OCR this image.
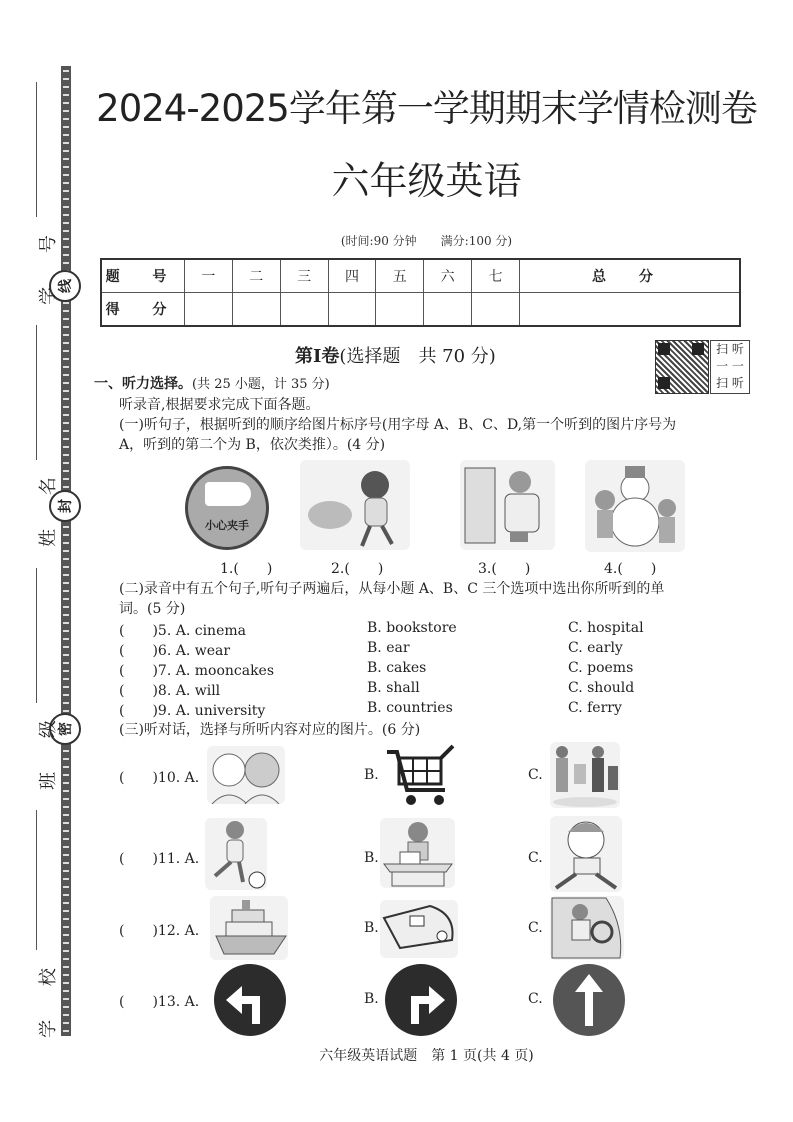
线
封
密
学 号
姓 名
班 级
学 校
2024-2025学年第一学期期末学情检测卷
六年级英语
(时间:90 分钟　　满分:100 分)
题 号	一	二	三	四	五	六	七	总 分
得 分								
第Ⅰ卷(选择题　共 70 分)	扫 听
一 一
扫 听
一、听力选择。(共 25 小题，计 35 分)
听录音,根据要求完成下面各题。
(一)听句子，根据听到的顺序给图片标序号(用字母 A、B、C、D,第一个听到的图片序号为
A，听到的第二个为 B，依次类推）。(4 分)
小心夹手
1.(　　)	2.(　　)	3.(　　)	4.(　　)
(二)录音中有五个句子,听句子两遍后，从每小题 A、B、C 三个选项中选出你所听到的单
词。(5 分)
(　　)5. A. cinema	B. bookstore	C. hospital
(　　)6. A. wear	B. ear	C. early
(　　)7. A. mooncakes	B. cakes	C. poems
(　　)8. A. will	B. shall	C. should
(　　)9. A. university	B. countries	C. ferry
(三)听对话，选择与所听内容对应的图片。(6 分)
(　　)10. A.	B.	C.
(　　)11. A.	B.	C.
(　　)12. A.	B.	C.
(　　)13. A.	B.	C.
六年级英语试题　第 1 页(共 4 页)
